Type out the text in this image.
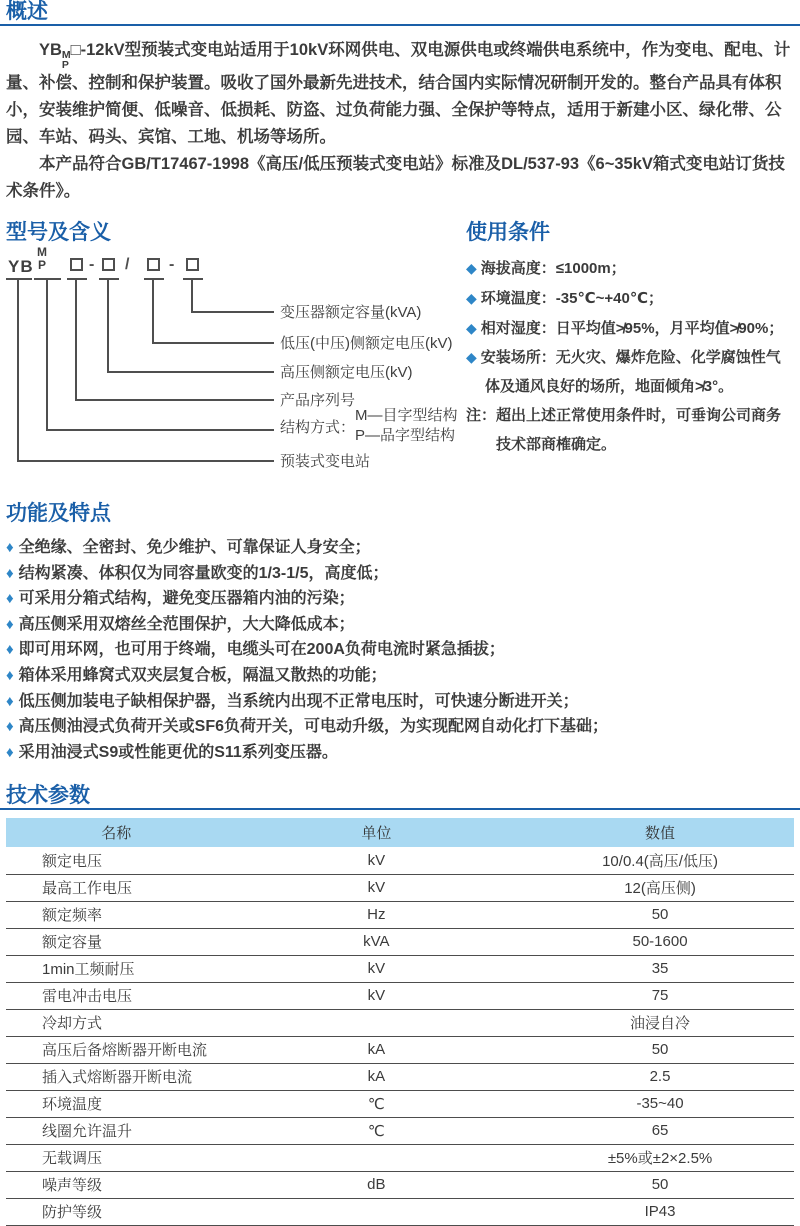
概述

YB M
P
□-12kV型预装式变电站适用于10kV环网供电、双电源供电或终端供电系统中，作为变电、配电、计量、补偿、控制和保护装置。吸收了国外最新先进技术，结合国内实际情况研制开发的。整台产品具有体积小，安装维护简便、低噪音、低损耗、防盗、过负荷能力强、全保护等特点，适用于新建小区、绿化带、公园、车站、码头、宾馆、工地、机场等场所。

本产品符合GB/T17467-1998《高压/低压预装式变电站》标准及DL/537-93《6~35kV箱式变电站订货技术条件》。

型号及含义
YB
M
P	- / -
变压器额定容量(kVA)
低压(中压)侧额定电压(kV)
高压侧额定电压(kV)
产品序列号
结构方式：
M—目字型结构
P—品字型结构
预装式变电站
使用条件
◆ 海拔高度：≤1000m；
◆ 环境温度：-35℃~+40℃；
◆ 相对湿度：日平均值≯95%，月平均值≯90%；
◆ 安装场所：无火灾、爆炸危险、化学腐蚀性气体及通风良好的场所，地面倾角≯3°。
注：超出上述正常使用条件时，可垂询公司商务技术部商榷确定。
功能及特点
♦ 全绝缘、全密封、免少维护、可靠保证人身安全；
♦ 结构紧凑、体积仅为同容量欧变的1/3-1/5，高度低；
♦ 可采用分箱式结构，避免变压器箱内油的污染；
♦ 高压侧采用双熔丝全范围保护，大大降低成本；
♦ 即可用环网，也可用于终端，电缆头可在200A负荷电流时紧急插拔；
♦ 箱体采用蜂窝式双夹层复合板，隔温又散热的功能；
♦ 低压侧加装电子缺相保护器，当系统内出现不正常电压时，可快速分断进开关；
♦ 高压侧油浸式负荷开关或SF6负荷开关，可电动升级，为实现配网自动化打下基础；
♦ 采用油浸式S9或性能更优的S11系列变压器。
技术参数
名称	单位	数值
额定电压	kV	10/0.4(高压/低压)
最高工作电压	kV	12(高压侧)
额定频率	Hz	50
额定容量	kVA	50-1600
1min工频耐压	kV	35
雷电冲击电压	kV	75
冷却方式		油浸自冷
高压后备熔断器开断电流	kA	50
插入式熔断器开断电流	kA	2.5
环境温度	℃	-35~40
线圈允许温升	℃	65
无载调压		±5%或±2×2.5%
噪声等级	dB	50
防护等级		IP43
